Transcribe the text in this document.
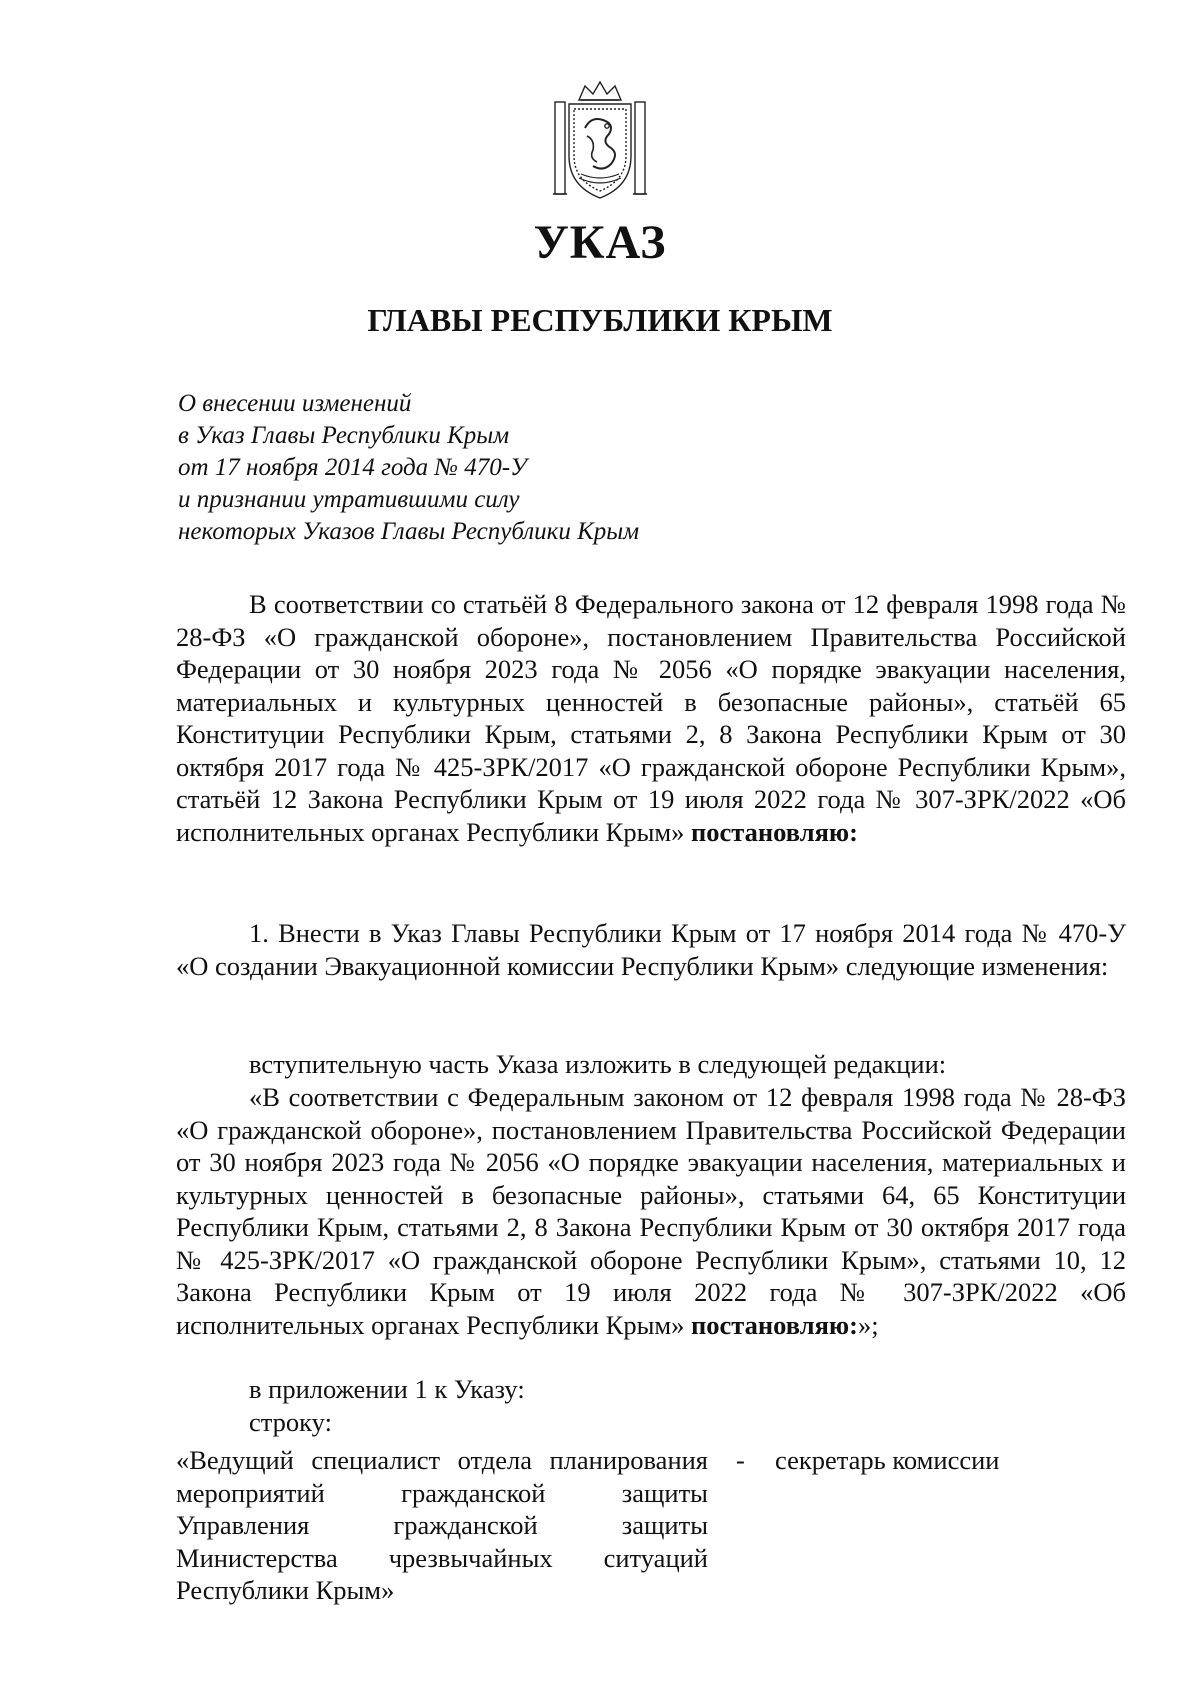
УКАЗ
ГЛАВЫ РЕСПУБЛИКИ КРЫМ
О внесении изменений
в Указ Главы Республики Крым
от 17 ноября 2014 года № 470-У
и признании утратившими силу
некоторых Указов Главы Республики Крым

В соответствии со статьёй 8 Федерального закона от 12 февраля 1998 года № 28-ФЗ «О гражданской обороне», постановлением Правительства Российской Федерации от 30 ноября 2023 года № 2056 «О порядке эвакуации населения, материальных и культурных ценностей в безопасные районы», статьёй 65 Конституции Республики Крым, статьями 2, 8 Закона Республики Крым от 30 октября 2017 года № 425-ЗРК/2017 «О гражданской обороне Республики Крым», статьёй 12 Закона Республики Крым от 19 июля 2022 года № 307-ЗРК/2022 «Об исполнительных органах Республики Крым» постановляю:

1. Внести в Указ Главы Республики Крым от 17 ноября 2014 года № 470-У «О создании Эвакуационной комиссии Республики Крым» следующие изменения:

вступительную часть Указа изложить в следующей редакции:

«В соответствии с Федеральным законом от 12 февраля 1998 года № 28-ФЗ «О гражданской обороне», постановлением Правительства Российской Федерации от 30 ноября 2023 года № 2056 «О порядке эвакуации населения, материальных и культурных ценностей в безопасные районы», статьями 64, 65 Конституции Республики Крым, статьями 2, 8 Закона Республики Крым от 30 октября 2017 года № 425-ЗРК/2017 «О гражданской обороне Республики Крым», статьями 10, 12 Закона Республики Крым от 19 июля 2022 года № 307-ЗРК/2022 «Об исполнительных органах Республики Крым» постановляю:»;

в приложении 1 к Указу:

строку:

«Ведущий специалист отдела планирования
мероприятий гражданской защиты
Управления гражданской защиты
Министерства чрезвычайных ситуаций
Республики Крым»
- секретарь комиссии
